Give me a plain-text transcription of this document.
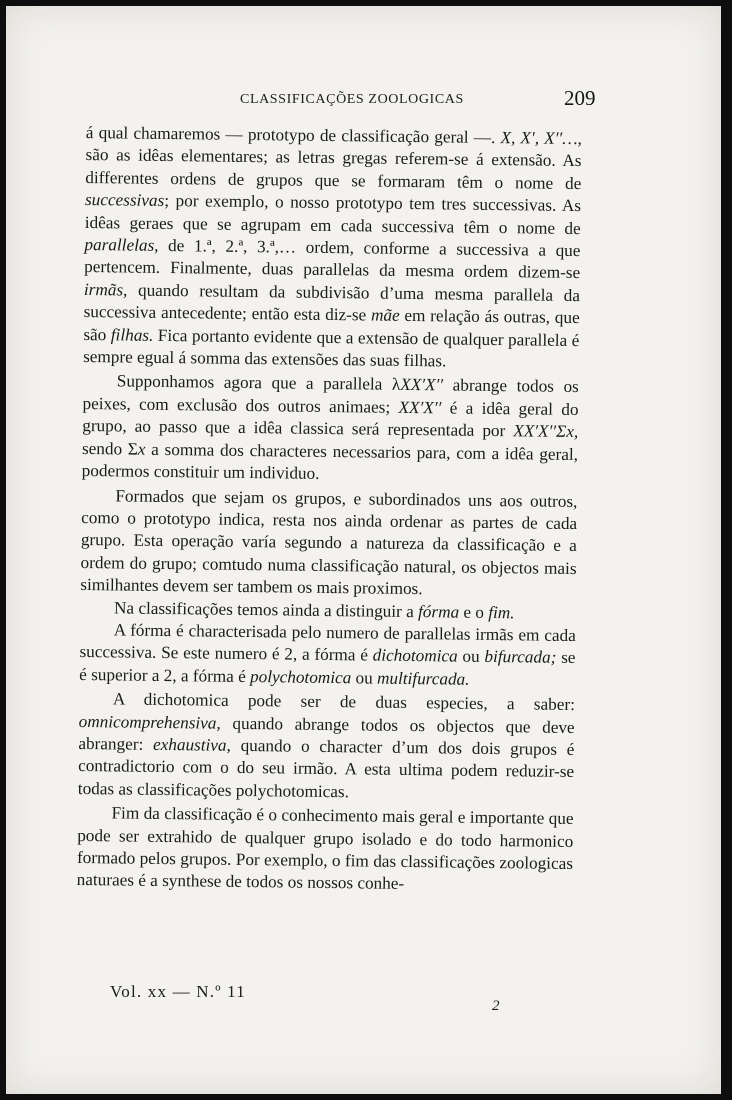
CLASSIFICAÇÕES ZOOLOGICAS	209

á qual chamaremos — prototypo de classificação geral —. X, X′, X′′…, são as idêas elementares; as letras gregas referem-se á extensão. As differentes ordens de grupos que se formaram têm o nome de successivas; por exemplo, o nosso prototypo tem tres successivas. As idêas geraes que se agrupam em cada successiva têm o nome de parallelas, de 1.ª, 2.ª, 3.ª,… ordem, conforme a successiva a que pertencem. Finalmente, duas parallelas da mesma ordem dizem-se irmãs, quando resultam da subdivisão d’uma mesma parallela da successiva antecedente; então esta diz-se mãe em relação ás outras, que são filhas. Fica portanto evidente que a extensão de qualquer parallela é sempre egual á somma das extensões das suas filhas.

Supponhamos agora que a parallela λXX′X′′ abrange todos os peixes, com exclusão dos outros animaes; XX′X′′ é a idêa geral do grupo, ao passo que a idêa classica será representada por XX′X′′Σx, sendo Σx a somma dos characteres necessarios para, com a idêa geral, podermos constituir um individuo.

Formados que sejam os grupos, e subordinados uns aos outros, como o prototypo indica, resta nos ainda ordenar as partes de cada grupo. Esta operação varía segundo a natureza da classificação e a ordem do grupo; comtudo numa classificação natural, os objectos mais similhantes devem ser tambem os mais proximos.

Na classificações temos ainda a distinguir a fórma e o fim.

A fórma é characterisada pelo numero de parallelas irmãs em cada successiva. Se este numero é 2, a fórma é dichotomica ou bifurcada; se é superior a 2, a fórma é polychotomica ou multifurcada.

A dichotomica pode ser de duas especies, a saber: omnicomprehensiva, quando abrange todos os objectos que deve abranger: exhaustiva, quando o character d’um dos dois grupos é contradictorio com o do seu irmão. A esta ultima podem reduzir-se todas as classificações polychotomicas.

Fim da classificação é o conhecimento mais geral e importante que pode ser extrahido de qualquer grupo isolado e do todo harmonico formado pelos grupos. Por exemplo, o fim das classificações zoologicas naturaes é a synthese de todos os nossos conhe-

Vol. xx — N.º 11
2
